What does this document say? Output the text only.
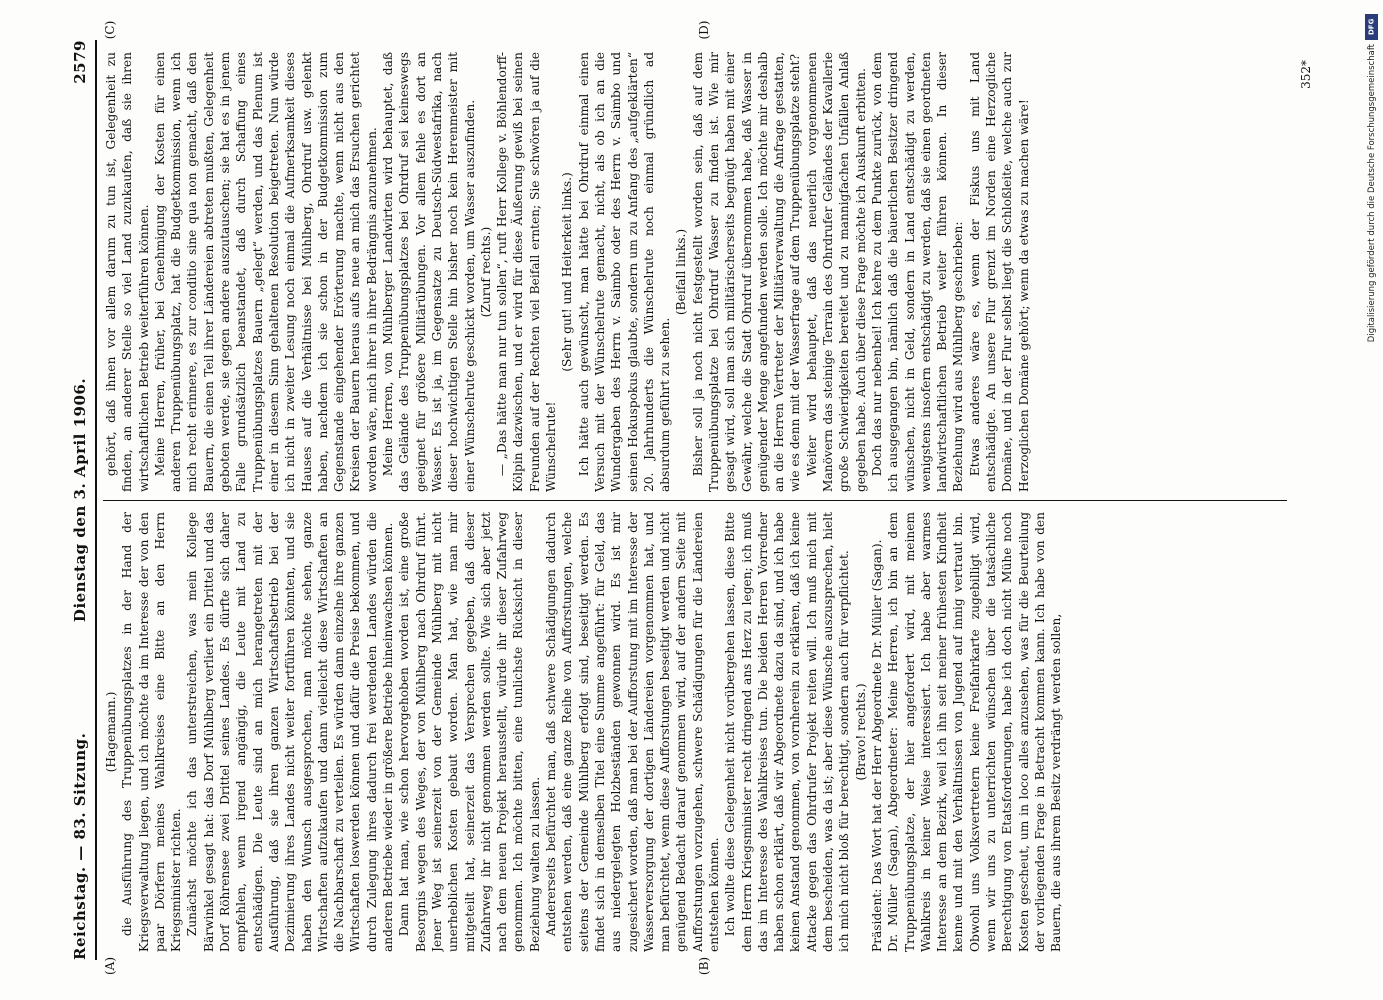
Reichstag. — 83. Sitzung.
Dienstag den 3. April 1906.
2579

(Hagemann.) die Ausführung des Truppenübungsplatzes in der Hand der Kriegsverwaltung liegen, und ich möchte da im Interesse der von den paar Dörfern meines Wahlkreises eine Bitte an den Herrn Kriegsminister richten. Zunächst möchte ich das unterstreichen, was mein Kollege Bärwinkel gesagt hat: das Dorf Mühlberg verliert ein Drittel und das Dorf Röhrensee zwei Drittel seines Landes. Es dürfte sich daher empfehlen, wenn irgend angängig, die Leute mit Land zu entschädigen. Die Leute sind an mich herangetreten mit der Ausführung, daß sie ihren ganzen Wirtschaftsbetrieb bei der Dezimierung ihres Landes nicht weiter fortführen könnten, und sie haben den Wunsch ausgesprochen, man möchte sehen, ganze Wirtschaften aufzukaufen und dann vielleicht diese Wirtschaften an die Nachbarschaft zu verteilen. Es würden dann einzelne ihre ganzen Wirtschaften loswerden können und dafür die Preise bekommen, und durch Zulegung ihres dadurch frei werdenden Landes würden die anderen Betriebe wieder in größere Betriebe hineinwachsen können. Dann hat man, wie schon hervorgehoben worden ist, eine große Besorgnis wegen des Weges, der von Mühlberg nach Ohrdruf führt. Jener Weg ist seinerzeit von der Gemeinde Mühlberg mit nicht unerheblichen Kosten gebaut worden. Man hat, wie man mir mitgeteilt hat, seinerzeit das Versprechen gegeben, daß dieser Zufahrweg ihr nicht genommen werden sollte. Wie sich aber jetzt nach dem neuen Projekt herausstellt, würde ihr dieser Zufahrweg genommen. Ich möchte bitten, eine tunlichste Rücksicht in dieser Beziehung walten zu lassen. Andererseits befürchtet man, daß schwere Schädigungen dadurch entstehen werden, daß eine ganze Reihe von Aufforstungen, welche seitens der Gemeinde Mühlberg erfolgt sind, beseitigt werden. Es findet sich in demselben Titel eine Summe angeführt: für Geld, das aus niedergelegten Holzbeständen gewonnen wird. Es ist mir zugesichert worden, daß man bei der Aufforstung mit im Interesse der Wasserversorgung der dortigen Ländereien vorgenommen hat, und man befürchtet, wenn diese Aufforstungen beseitigt werden und nicht genügend Bedacht darauf genommen wird, auf der andern Seite mit Aufforstungen vorzugehen, schwere Schädigungen für die Ländereien entstehen können. Ich wollte diese Gelegenheit nicht vorübergehen lassen, diese Bitte dem Herrn Kriegsminister recht dringend ans Herz zu legen; ich muß das im Interesse des Wahlkreises tun. Die beiden Herren Vorredner haben schon erklärt, daß wir Abgeordnete dazu da sind, und ich habe keinen Anstand genommen, von vornherein zu erklären, daß ich keine Attacke gegen das Ohrdrufer Projekt reiten will. Ich muß mich mit dem bescheiden, was da ist; aber diese Wünsche auszusprechen, hielt ich mich nicht bloß für berechtigt, sondern auch für verpflichtet. (Bravo! rechts.) Präsident: Das Wort hat der Herr Abgeordnete Dr. Müller (Sagan). Dr. Müller (Sagan), Abgeordneter: Meine Herren, ich bin an dem Truppenübungsplatze, der hier angefordert wird, mit meinem Wahlkreis in keiner Weise interessiert. Ich habe aber warmes Interesse an dem Bezirk, weil ich ihn seit meiner frühesten Kindheit kenne und mit den Verhältnissen von Jugend auf innig vertraut bin. Obwohl uns Volksvertretern keine Freifahrkarte zugebilligt wird, wenn wir uns zu unterrichten wünschen über die tatsächliche Berechtigung von Etatsforderungen, habe ich doch nicht Mühe noch Kosten gescheut, um in loco alles anzusehen, was für die Beurteilung der vorliegenden Frage in Betracht kommen kann. Ich habe von den Bauern, die aus ihrem Besitz verdrängt werden sollen,

gehört, daß ihnen vor allem darum zu tun ist, Gelegenheit zu finden, an anderer Stelle so viel Land zuzukaufen, daß sie ihren wirtschaftlichen Betrieb weiterführen können. Meine Herren, früher, bei Genehmigung der Kosten für einen anderen Truppenübungsplatz, hat die Budgetkommission, wenn ich mich recht erinnere, es zur conditio sine qua non gemacht, daß den Bauern, die einen Teil ihrer Ländereien abtreten mußten, Gelegenheit geboten werde, sie gegen andere auszutauschen; sie hat es in jenem Falle grundsätzlich beanstandet, daß durch Schaffung eines Truppenübungsplatzes Bauern „gelegt“ werden, und das Plenum ist einer in diesem Sinn gehaltenen Resolution beigetreten. Nun würde ich nicht in zweiter Lesung noch einmal die Aufmerksamkeit dieses Hauses auf die Verhältnisse bei Mühlberg, Ohrdruf usw. gelenkt haben, nachdem ich sie schon in der Budgetkommission zum Gegenstande eingehender Erörterung machte, wenn nicht aus den Kreisen der Bauern heraus aufs neue an mich das Ersuchen gerichtet worden wäre, mich ihrer in ihrer Bedrängnis anzunehmen. Meine Herren, von Mühlberger Landwirten wird behauptet, daß das Gelände des Truppenübungsplatzes bei Ohrdruf sei keineswegs geeignet für größere Militärübungen. Vor allem fehle es dort an Wasser. Es ist ja, im Gegensatze zu Deutsch-Südwestafrika, nach dieser hochwichtigen Stelle hin bisher noch kein Herenmeister mit einer Wünschelrute geschickt worden, um Wasser auszufinden. (Zuruf rechts.) — „Das hätte man nur tun sollen“, ruft Herr Kollege v. Böhlendorff-Kölpin dazwischen, und er wird für diese Äußerung gewiß bei seinen Freunden auf der Rechten viel Beifall ernten; Sie schwören ja auf die Wünschelrute!

(Sehr gut! und Heiterkeit links.) Ich hätte auch gewünscht, man hätte bei Ohrdruf einmal einen Versuch mit der Wünschelrute gemacht, nicht, als ob ich an die Wundergaben des Herrn v. Saimbo oder des Herrn v. Saimbo und seinen Hokuspokus glaubte, sondern um zu Anfang des „aufgeklärten“ 20. Jahrhunderts die Wünschelrute noch einmal gründlich ad absurdum geführt zu sehen.

(Beifall links.) Bisher soll ja noch nicht festgestellt worden sein, daß auf dem Truppenübungsplatze bei Ohrdruf Wasser zu finden ist. Wie mir gesagt wird, soll man sich militärischerseits begnügt haben mit einer Gewähr, welche die Stadt Ohrdruf übernommen habe, daß Wasser in genügender Menge angefunden werden solle. Ich möchte mir deshalb an die Herren Vertreter der Militärverwaltung die Anfrage gestatten, wie es denn mit der Wasserfrage auf dem Truppenübungsplatze steht? Weiter wird behauptet, daß das neuerlich vorgenommenen Manövern das steinige Terrain des Ohrdrufer Geländes der Kavallerie große Schwierigkeiten bereitet und zu mannigfachen Unfällen Anlaß gegeben habe. Auch über diese Frage möchte ich Auskunft erbitten. Doch das nur nebenbei! Ich kehre zu dem Punkte zurück, von dem ich ausgegangen bin, nämlich daß die bäuerlichen Besitzer dringend wünschen, nicht in Geld, sondern in Land entschädigt zu werden, wenigstens insofern entschädigt zu werden, daß sie einen geordneten landwirtschaftlichen Betrieb weiter führen können. In dieser Beziehung wird aus Mühlberg geschrieben: Etwas anderes wäre es, wenn der Fiskus uns mit Land entschädigte. An unsere Flur grenzt im Norden eine Herzogliche Domäne, und in der Flur selbst liegt die Schloßleite, welche auch zur Herzoglichen Domäne gehört; wenn da etwas zu machen wäre!

(A)	(B)
(C)	(D)
352*
DFG
Digitalisierung gefördert durch die Deutsche Forschungsgemeinschaft
